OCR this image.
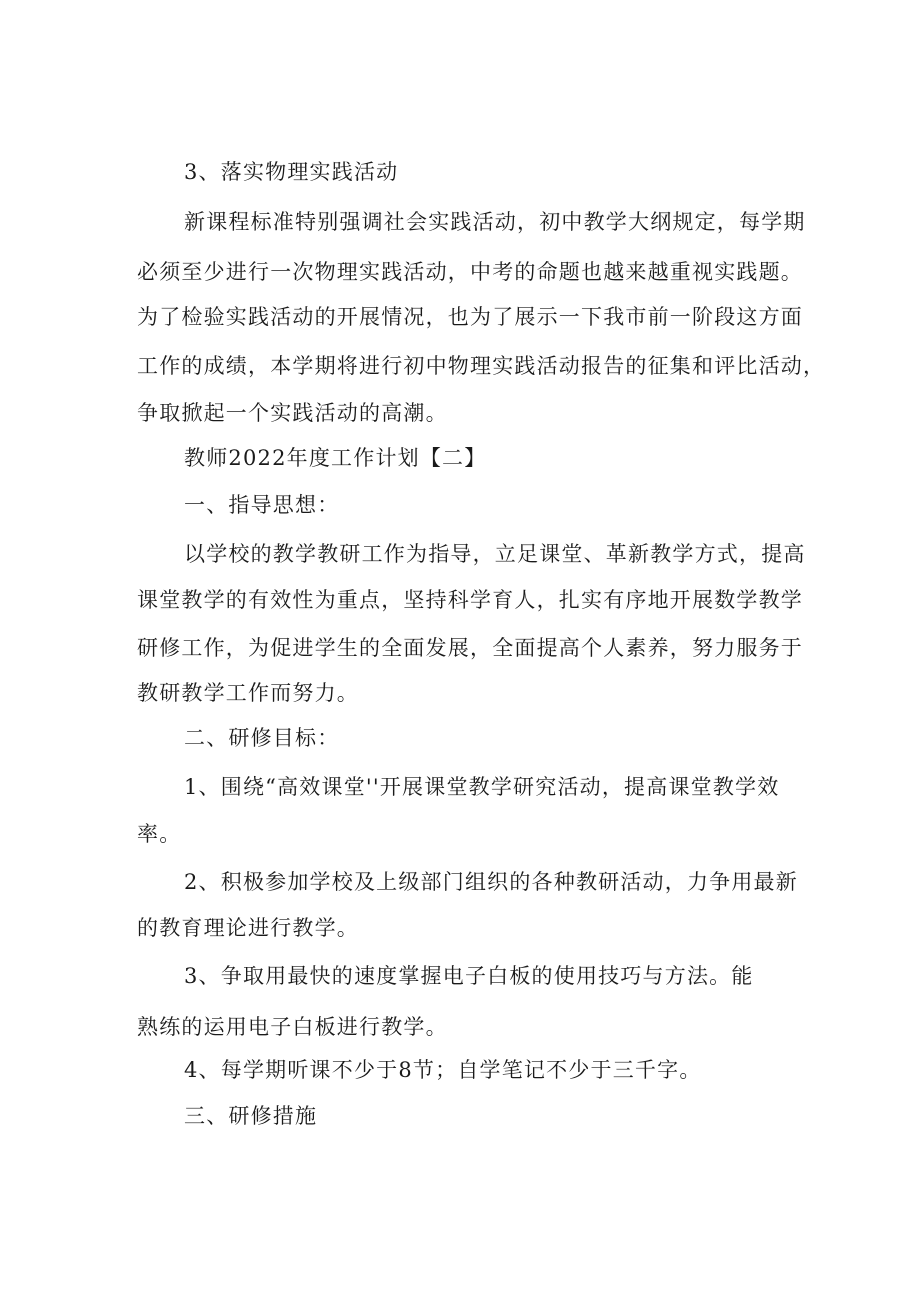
3、落实物理实践活动
新课程标准特别强调社会实践活动，初中教学大纲规定，每学期
必须至少进行一次物理实践活动，中考的命题也越来越重视实践题。
为了检验实践活动的开展情况，也为了展示一下我市前一阶段这方面
工作的成绩，本学期将进行初中物理实践活动报告的征集和评比活动，
争取掀起一个实践活动的高潮。
教师2022年度工作计划【二】
一、指导思想：
以学校的教学教研工作为指导，立足课堂、革新教学方式，提高
课堂教学的有效性为重点，坚持科学育人，扎实有序地开展数学教学
研修工作，为促进学生的全面发展，全面提高个人素养，努力服务于
教研教学工作而努力。
二、研修目标：
1、围绕“高效课堂''开展课堂教学研究活动，提高课堂教学效
率。
2、积极参加学校及上级部门组织的各种教研活动，力争用最新
的教育理论进行教学。
3、争取用最快的速度掌握电子白板的使用技巧与方法。能
熟练的运用电子白板进行教学。
4、每学期听课不少于8节；自学笔记不少于三千字。
三、研修措施
